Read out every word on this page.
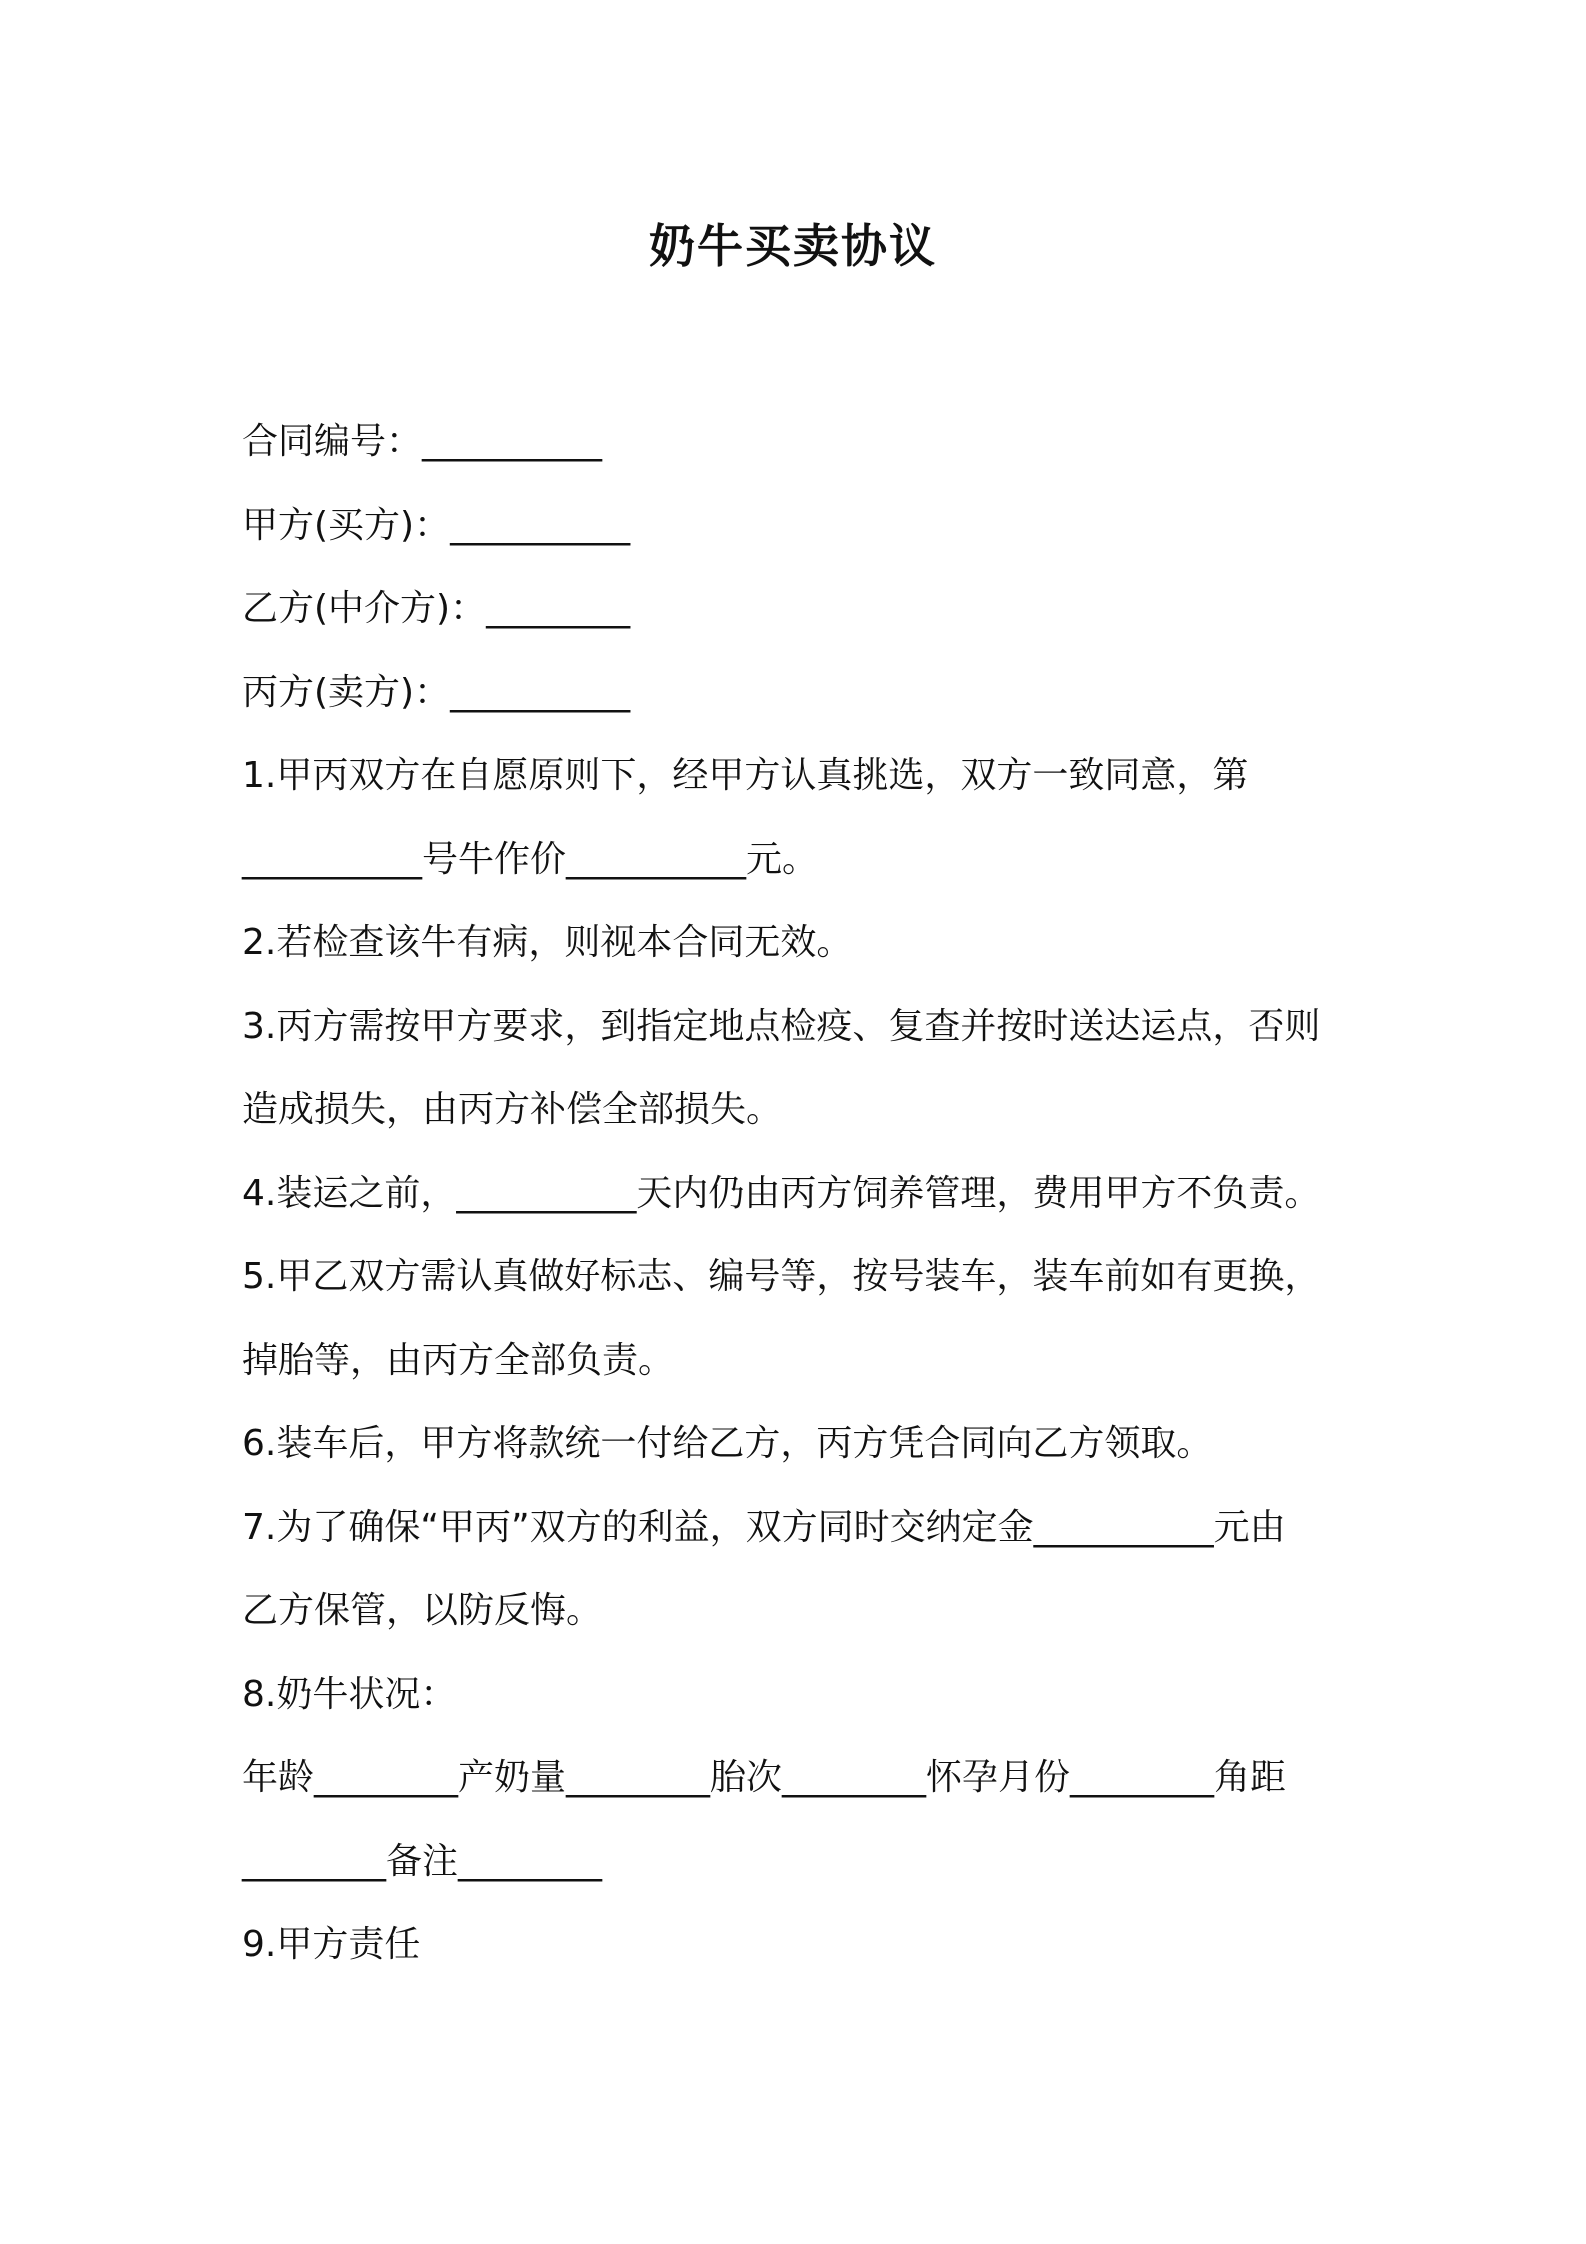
奶牛买卖协议

合同编号：__________

甲方(买方)：__________

乙方(中介方)：________

丙方(卖方)：__________

1.甲丙双方在自愿原则下，经甲方认真挑选，双方一致同意，第

__________号牛作价__________元。

2.若检查该牛有病，则视本合同无效。

3.丙方需按甲方要求，到指定地点检疫、复查并按时送达运点，否则

造成损失，由丙方补偿全部损失。

4.装运之前，__________天内仍由丙方饲养管理，费用甲方不负责。

5.甲乙双方需认真做好标志、编号等，按号装车，装车前如有更换，

掉胎等，由丙方全部负责。

6.装车后，甲方将款统一付给乙方，丙方凭合同向乙方领取。

7.为了确保“甲丙”双方的利益，双方同时交纳定金__________元由

乙方保管，以防反悔。

8.奶牛状况：

年龄________产奶量________胎次________怀孕月份________角距

________备注________

9.甲方责任
